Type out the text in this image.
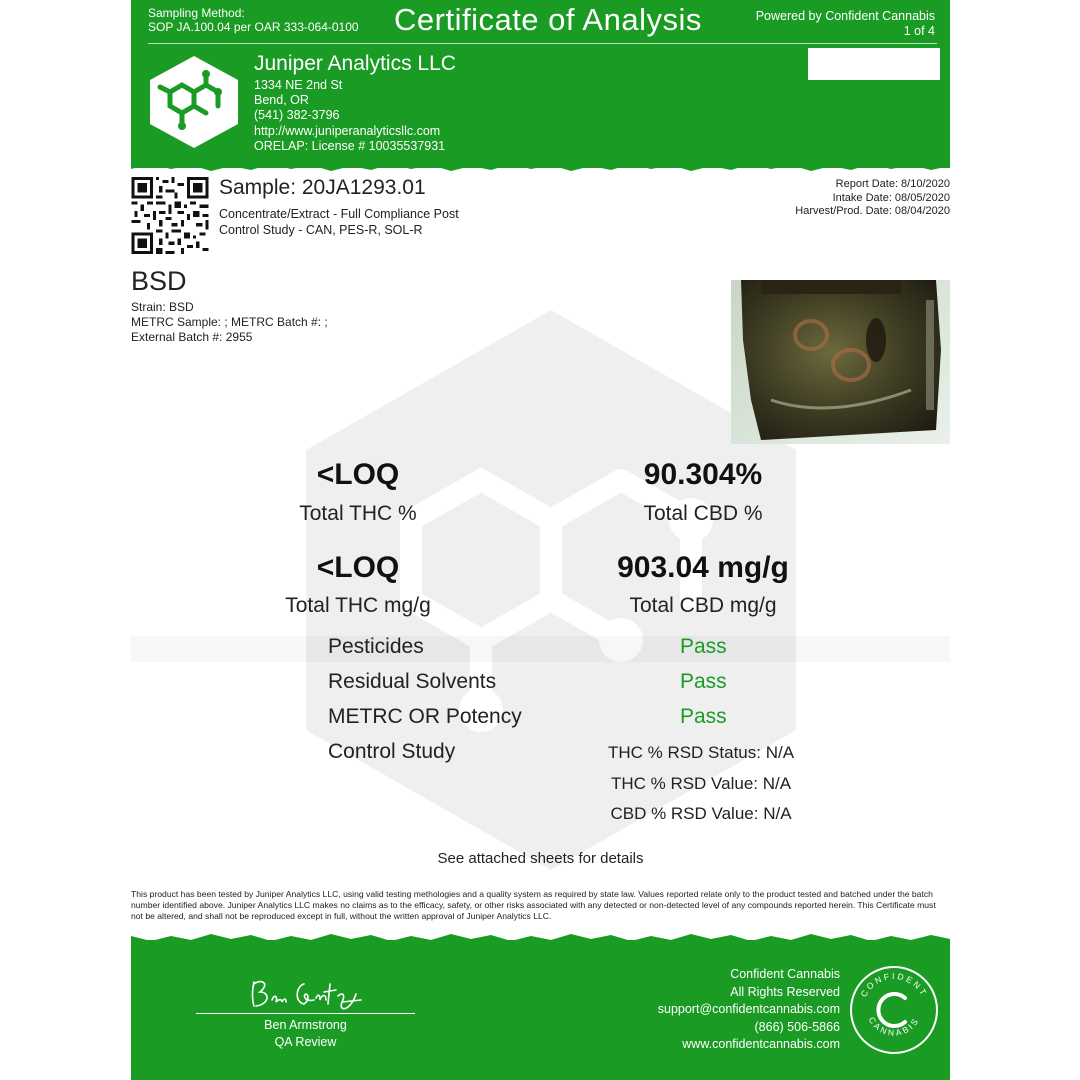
Sampling Method:
SOP JA.100.04 per OAR 333-064-0100 Certificate of Analysis	Powered by Confident Cannabis
1 of 4
Juniper Analytics LLC
1334 NE 2nd St
Bend, OR
(541) 382-3796
http://www.juniperanalyticsllc.com
ORELAP: License # 10035537931
Sample: 20JA1293.01
Concentrate/Extract - Full Compliance Post Control Study - CAN, PES-R, SOL-R
Report Date: 8/10/2020
Intake Date: 08/05/2020
Harvest/Prod. Date: 08/04/2020
BSD
Strain: BSD
METRC Sample: ; METRC Batch #: ;
External Batch #: 2955
<LOQ
Total THC %
90.304%
Total CBD %
<LOQ
Total THC mg/g
903.04 mg/g
Total CBD mg/g
Pesticides	Pass
Residual Solvents	Pass
METRC OR Potency	Pass
Control Study	THC % RSD Status: N/A
THC % RSD Value: N/A
CBD % RSD Value: N/A
See attached sheets for details
This product has been tested by Juniper Analytics LLC, using valid testing methologies and a quality system as required by state law. Values reported relate only to the product tested and batched under the batch number identified above. Juniper Analytics LLC makes no claims as to the efficacy, safety, or other risks associated with any detected or non-detected level of any compounds reported herein. This Certificate must not be altered, and shall not be reproduced except in full, without the written approval of Juniper Analytics LLC.
Ben Armstrong
QA Review
Confident Cannabis
All Rights Reserved
support@confidentcannabis.com
(866) 506-5866
www.confidentcannabis.com
CONFIDENT
CANNABIS
